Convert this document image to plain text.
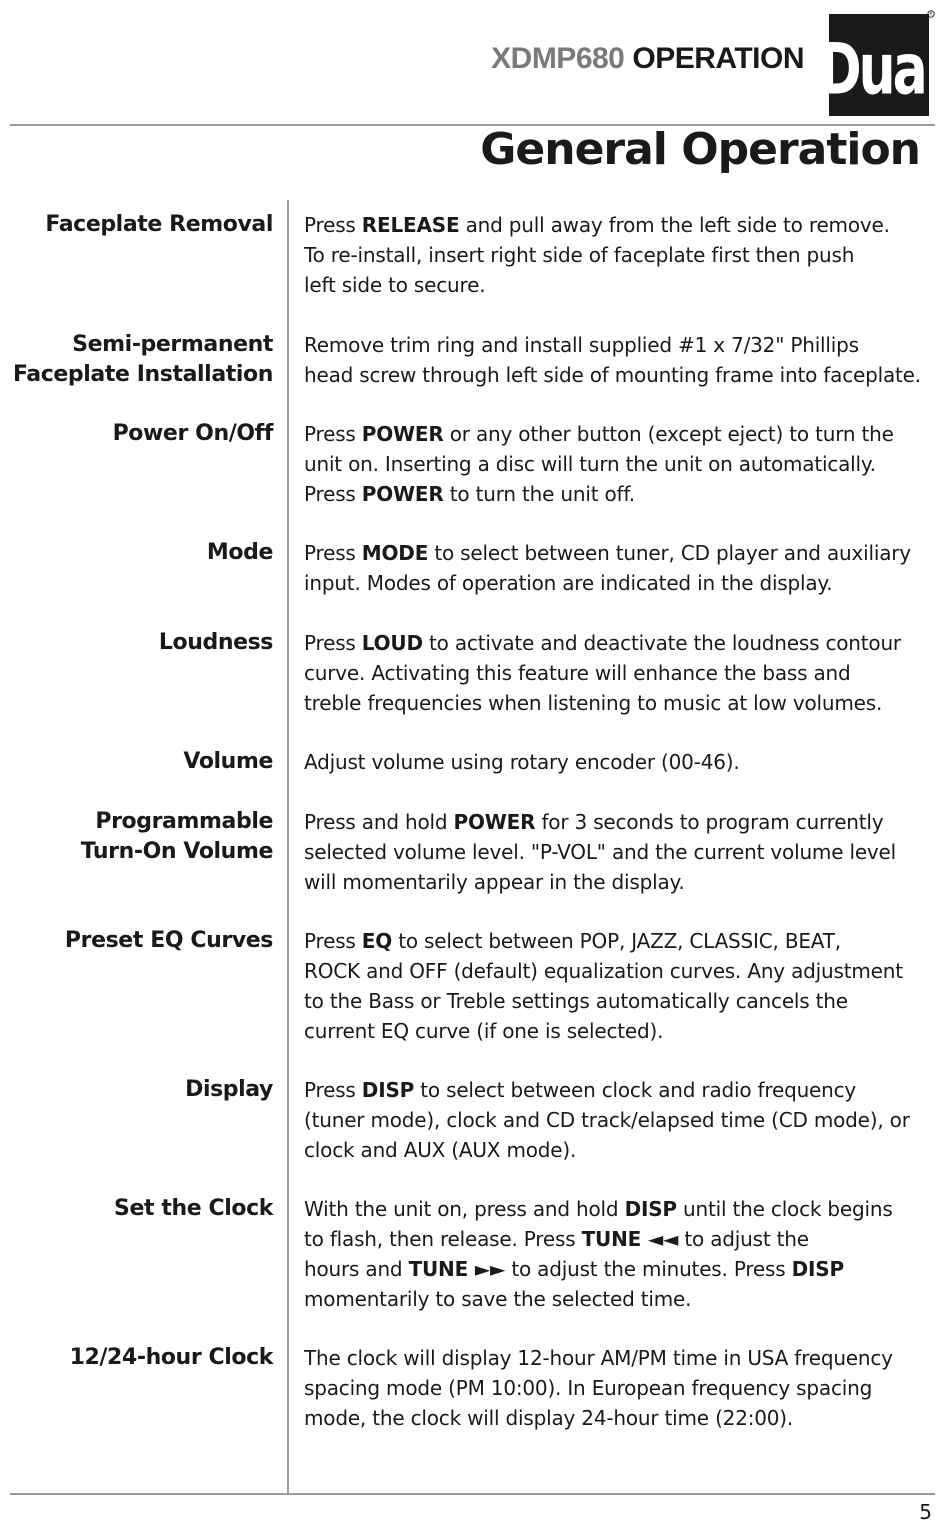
XDMP680 OPERATION Dual
R
General Operation
Faceplate Removal Press RELEASE and pull away from the left side to remove.
To re-install, insert right side of faceplate first then push
left side to secure.
Semi-permanent
Faceplate Installation
Remove trim ring and install supplied #1 x 7/32" Phillips
head screw through left side of mounting frame into faceplate.
Power On/Off Press POWER or any other button (except eject) to turn the
unit on. Inserting a disc will turn the unit on automatically.
Press POWER to turn the unit off.
Mode Press MODE to select between tuner, CD player and auxiliary
input. Modes of operation are indicated in the display.
Loudness Press LOUD to activate and deactivate the loudness contour
curve. Activating this feature will enhance the bass and
treble frequencies when listening to music at low volumes.
Volume Adjust volume using rotary encoder (00-46).
Programmable
Turn-On Volume
Press and hold POWER for 3 seconds to program currently
selected volume level. "P-VOL" and the current volume level
will momentarily appear in the display.
Preset EQ Curves Press EQ to select between POP, JAZZ, CLASSIC, BEAT,
ROCK and OFF (default) equalization curves. Any adjustment
to the Bass or Treble settings automatically cancels the
current EQ curve (if one is selected).
Display Press DISP to select between clock and radio frequency
(tuner mode), clock and CD track/elapsed time (CD mode), or
clock and AUX (AUX mode).
Set the Clock With the unit on, press and hold DISP until the clock begins
to flash, then release. Press TUNE ◄◄ to adjust the
hours and TUNE ►► to adjust the minutes. Press DISP
momentarily to save the selected time.
12/24-hour Clock The clock will display 12-hour AM/PM time in USA frequency
spacing mode (PM 10:00). In European frequency spacing
mode, the clock will display 24-hour time (22:00).
5
